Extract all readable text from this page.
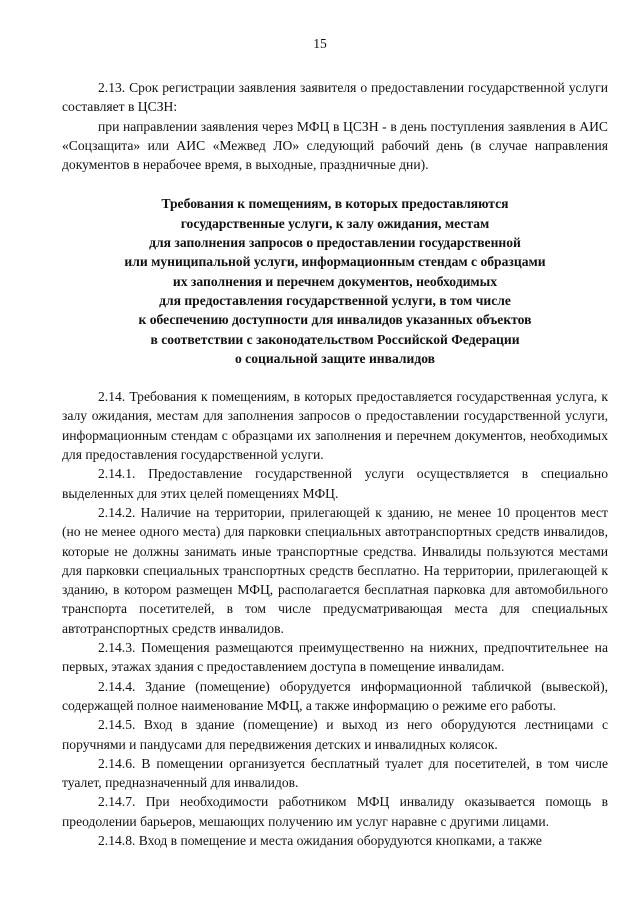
15

2.13. Срок регистрации заявления заявителя о предоставлении государственной услуги составляет в ЦСЗН:

при направлении заявления через МФЦ в ЦСЗН - в день поступления заявления в АИС «Соцзащита» или АИС «Межвед ЛО» следующий рабочий день (в случае направления документов в нерабочее время, в выходные, праздничные дни).

Требования к помещениям, в которых предоставляются
государственные услуги, к залу ожидания, местам
для заполнения запросов о предоставлении государственной
или муниципальной услуги, информационным стендам с образцами
их заполнения и перечнем документов, необходимых
для предоставления государственной услуги, в том числе
к обеспечению доступности для инвалидов указанных объектов
в соответствии с законодательством Российской Федерации
о социальной защите инвалидов

2.14. Требования к помещениям, в которых предоставляется государственная услуга, к залу ожидания, местам для заполнения запросов о предоставлении государственной услуги, информационным стендам с образцами их заполнения и перечнем документов, необходимых для предоставления государственной услуги.

2.14.1. Предоставление государственной услуги осуществляется в специально выделенных для этих целей помещениях МФЦ.

2.14.2. Наличие на территории, прилегающей к зданию, не менее 10 процентов мест (но не менее одного места) для парковки специальных автотранспортных средств инвалидов, которые не должны занимать иные транспортные средства. Инвалиды пользуются местами для парковки специальных транспортных средств бесплатно. На территории, прилегающей к зданию, в котором размещен МФЦ, располагается бесплатная парковка для автомобильного транспорта посетителей, в том числе предусматривающая места для специальных автотранспортных средств инвалидов.

2.14.3. Помещения размещаются преимущественно на нижних, предпочтительнее на первых, этажах здания с предоставлением доступа в помещение инвалидам.

2.14.4. Здание (помещение) оборудуется информационной табличкой (вывеской), содержащей полное наименование МФЦ, а также информацию о режиме его работы.

2.14.5. Вход в здание (помещение) и выход из него оборудуются лестницами с поручнями и пандусами для передвижения детских и инвалидных колясок.

2.14.6. В помещении организуется бесплатный туалет для посетителей, в том числе туалет, предназначенный для инвалидов.

2.14.7. При необходимости работником МФЦ инвалиду оказывается помощь в преодолении барьеров, мешающих получению им услуг наравне с другими лицами.

2.14.8. Вход в помещение и места ожидания оборудуются кнопками, а также
